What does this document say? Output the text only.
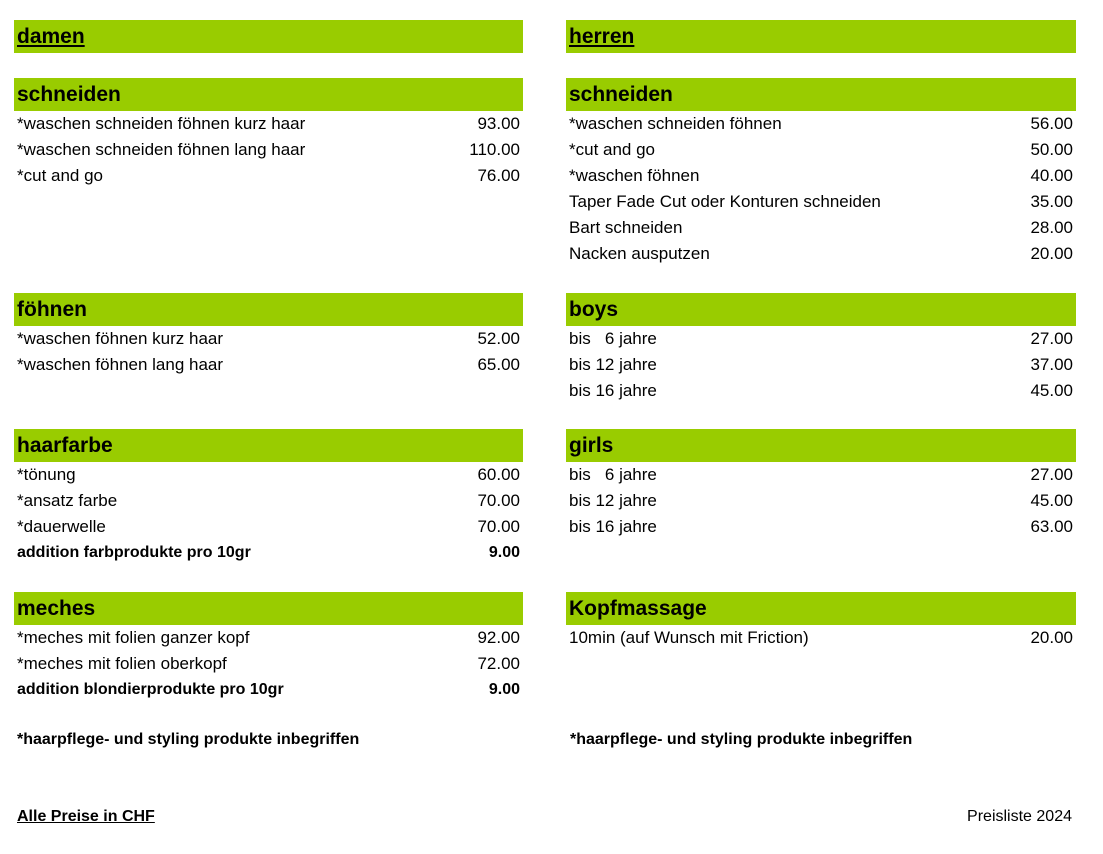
damen
schneiden
*waschen schneiden föhnen kurz haar	93.00
*waschen schneiden föhnen lang haar	110.00
*cut and go	76.00
föhnen
*waschen föhnen kurz haar	52.00
*waschen föhnen lang haar	65.00
haarfarbe
*tönung	60.00
*ansatz farbe	70.00
*dauerwelle	70.00
addition farbprodukte pro 10gr	9.00
meches
*meches mit folien ganzer kopf	92.00
*meches mit folien oberkopf	72.00
addition blondierprodukte pro 10gr	9.00
*haarpflege- und styling produkte inbegriffen
herren
schneiden
*waschen schneiden föhnen	56.00
*cut and go	50.00
*waschen föhnen	40.00
Taper Fade Cut oder Konturen schneiden	35.00
Bart schneiden	28.00
Nacken ausputzen	20.00
boys
bis   6 jahre	27.00
bis 12 jahre	37.00
bis 16 jahre	45.00
girls
bis   6 jahre	27.00
bis 12 jahre	45.00
bis 16 jahre	63.00
Kopfmassage
10min (auf Wunsch mit Friction)	20.00
*haarpflege- und styling produkte inbegriffen
Alle Preise in CHF	Preisliste 2024
